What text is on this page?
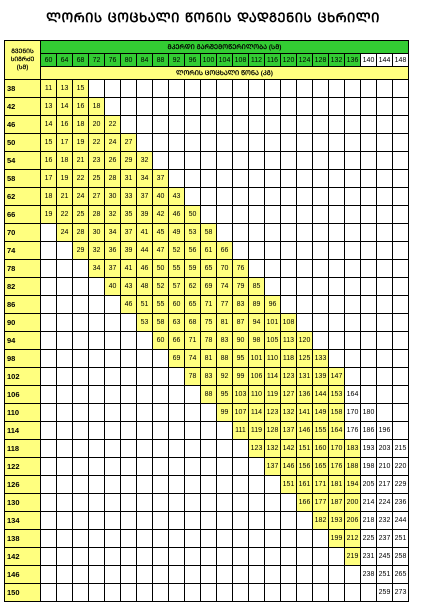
ᲚᲝᲠᲘᲡ ᲪᲝᲪᲮᲐᲚᲘ ᲬᲝᲜᲘᲡ ᲓᲐᲓᲒᲔᲜᲘᲡ ᲪᲮᲠᲘᲚᲘ
ᲒᲕᲔᲜᲘᲡ ᲡᲘᲒᲠᲫᲔ (ᲡᲛ)	ᲛᲙᲔᲠᲓᲘ ᲒᲐᲠᲨᲔᲛᲝᲬᲔᲠᲘᲚᲝᲑᲐ (ᲡᲛ)																						
	60	64	68	72	76	80	84	88	92	96	100	104	108	112	116	120	124	128	132	136	140	144	148
	ᲚᲝᲠᲘᲡ ᲪᲝᲪᲮᲐᲚᲘ ᲬᲝᲜᲐ (ᲙᲒ)																						
38	11	13	15																				
42	13	14	16	18																			
46	14	16	18	20	22																		
50	15	17	19	22	24	27																	
54	16	18	21	23	26	29	32																
58	17	19	22	25	28	31	34	37															
62	18	21	24	27	30	33	37	40	43														
66	19	22	25	28	32	35	39	42	46	50													
70		24	28	30	34	37	41	45	49	53	58												
74			29	32	36	39	44	47	52	56	61	66											
78				34	37	41	46	50	55	59	65	70	76										
82					40	43	48	52	57	62	69	74	79	85									
86						46	51	55	60	65	71	77	83	89	96								
90							53	58	63	68	75	81	87	94	101	108							
94								60	66	71	78	83	90	98	105	113	120						
98									69	74	81	88	95	101	110	118	125	133					
102										78	83	92	99	106	114	123	131	139	147				
106											88	95	103	110	119	127	136	144	153	164			
110												99	107	114	123	132	141	149	158	170	180		
114													111	119	128	137	146	155	164	176	186	196	
118														123	132	142	151	160	170	183	193	203	215
122															137	146	156	165	176	188	198	210	220
126																151	161	171	181	194	205	217	229
130																	166	177	187	200	214	224	236
134																		182	193	206	218	232	244
138																			199	212	225	237	251
142																				219	231	245	258
146																					238	251	265
150																						259	273
